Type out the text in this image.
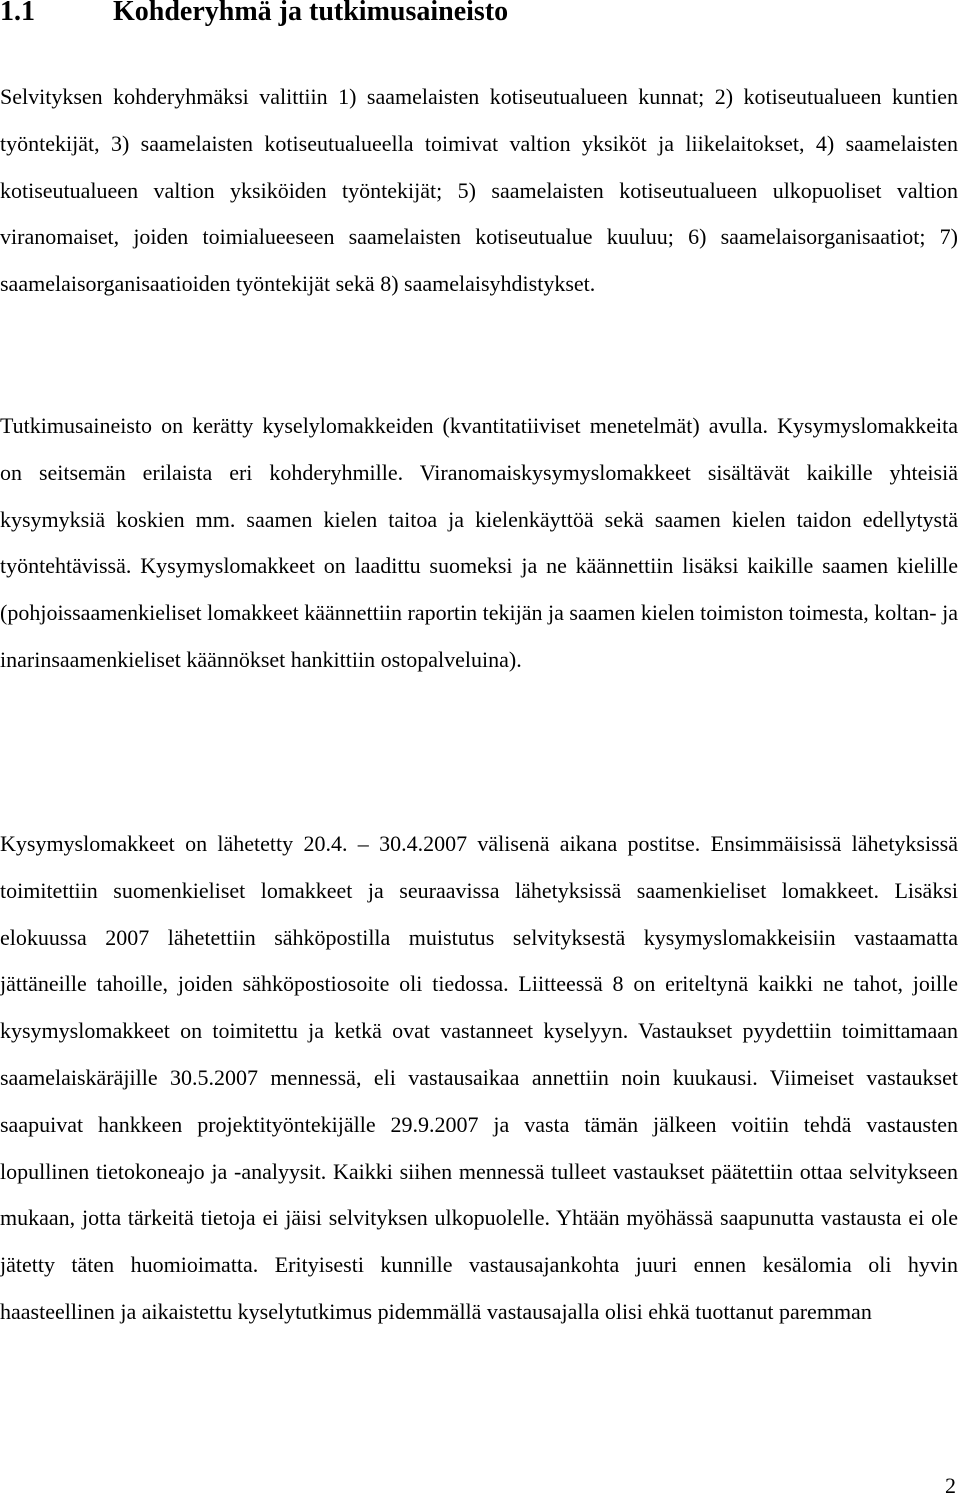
1.1	Kohderyhmä ja tutkimusaineisto

Selvityksen kohderyhmäksi valittiin 1) saamelaisten kotiseutualueen kunnat; 2) kotiseutualueen kuntien työntekijät, 3) saamelaisten kotiseutualueella toimivat valtion yksiköt ja liikelaitokset, 4) saamelaisten kotiseutualueen valtion yksiköiden työntekijät; 5) saamelaisten kotiseutualueen ulkopuoliset valtion viranomaiset, joiden toimialueeseen saamelaisten kotiseutualue kuuluu; 6) saamelaisorganisaatiot; 7) saamelaisorganisaatioiden työntekijät sekä 8) saamelaisyhdistykset.

Tutkimusaineisto on kerätty kyselylomakkeiden (kvantitatiiviset menetelmät) avulla. Kysymyslomakkeita on seitsemän erilaista eri kohderyhmille. Viranomaiskysymyslomakkeet sisältävät kaikille yhteisiä kysymyksiä koskien mm. saamen kielen taitoa ja kielenkäyttöä sekä saamen kielen taidon edellytystä työntehtävissä. Kysymyslomakkeet on laadittu suomeksi ja ne käännettiin lisäksi kaikille saamen kielille (pohjoissaamenkieliset lomakkeet käännettiin raportin tekijän ja saamen kielen toimiston toimesta, koltan- ja inarinsaamenkieliset käännökset hankittiin ostopalveluina).

Kysymyslomakkeet on lähetetty 20.4. – 30.4.2007 välisenä aikana postitse. Ensimmäisissä lähetyksissä toimitettiin suomenkieliset lomakkeet ja seuraavissa lähetyksissä saamenkieliset lomakkeet. Lisäksi elokuussa 2007 lähetettiin sähköpostilla muistutus selvityksestä kysymyslomakkeisiin vastaamatta jättäneille tahoille, joiden sähköpostiosoite oli tiedossa. Liitteessä 8 on eriteltynä kaikki ne tahot, joille kysymyslomakkeet on toimitettu ja ketkä ovat vastanneet kyselyyn. Vastaukset pyydettiin toimittamaan saamelaiskäräjille 30.5.2007 mennessä, eli vastausaikaa annettiin noin kuukausi. Viimeiset vastaukset saapuivat hankkeen projektityöntekijälle 29.9.2007 ja vasta tämän jälkeen voitiin tehdä vastausten lopullinen tietokoneajo ja -analyysit. Kaikki siihen mennessä tulleet vastaukset päätettiin ottaa selvitykseen mukaan, jotta tärkeitä tietoja ei jäisi selvityksen ulkopuolelle. Yhtään myöhässä saapunutta vastausta ei ole jätetty täten huomioimatta. Erityisesti kunnille vastausajankohta juuri ennen kesälomia oli hyvin haasteellinen ja aikaistettu kyselytutkimus pidemmällä vastausajalla olisi ehkä tuottanut paremman

2
